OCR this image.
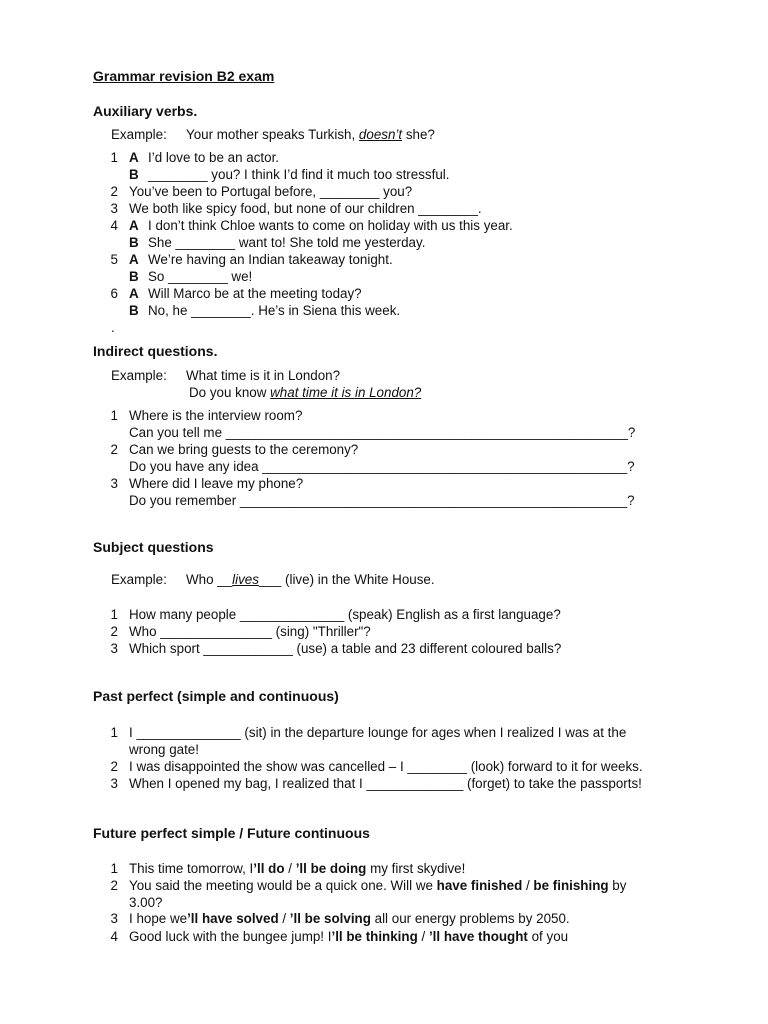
Grammar revision B2 exam
Auxiliary verbs.
Example: Your mother speaks Turkish, doesn’t she?
1 A I’d love to be an actor.
B ________ you? I think I’d find it much too stressful.
2 You’ve been to Portugal before, ________ you?
3 We both like spicy food, but none of our children ________.
4 A I don’t think Chloe wants to come on holiday with us this year.
B She ________ want to! She told me yesterday.
5 A We’re having an Indian takeaway tonight.
B So ________ we!
6 A Will Marco be at the meeting today?
B No, he ________. He’s in Siena this week.
.
Indirect questions.
Example: What time is it in London?
Do you know what time it is in London?
1 Where is the interview room?
Can you tell me ______________________________________________________?
2 Can we bring guests to the ceremony?
Do you have any idea _________________________________________________?
3 Where did I leave my phone?
Do you remember ____________________________________________________?
Subject questions
Example: Who __lives___ (live) in the White House.
1 How many people ______________ (speak) English as a first language?
2 Who _______________ (sing) "Thriller"?
3 Which sport ____________ (use) a table and 23 different coloured balls?
Past perfect (simple and continuous)
1 I ______________ (sit) in the departure lounge for ages when I realized I was at the
wrong gate!
2 I was disappointed the show was cancelled – I ________ (look) forward to it for weeks.
3 When I opened my bag, I realized that I _____________ (forget) to take the passports!
Future perfect simple / Future continuous
1 This time tomorrow, I’ll do / ’ll be doing my first skydive!
2 You said the meeting would be a quick one. Will we have finished / be finishing by
3.00?
3 I hope we’ll have solved / ’ll be solving all our energy problems by 2050.
4 Good luck with the bungee jump! I’ll be thinking / ’ll have thought of you
